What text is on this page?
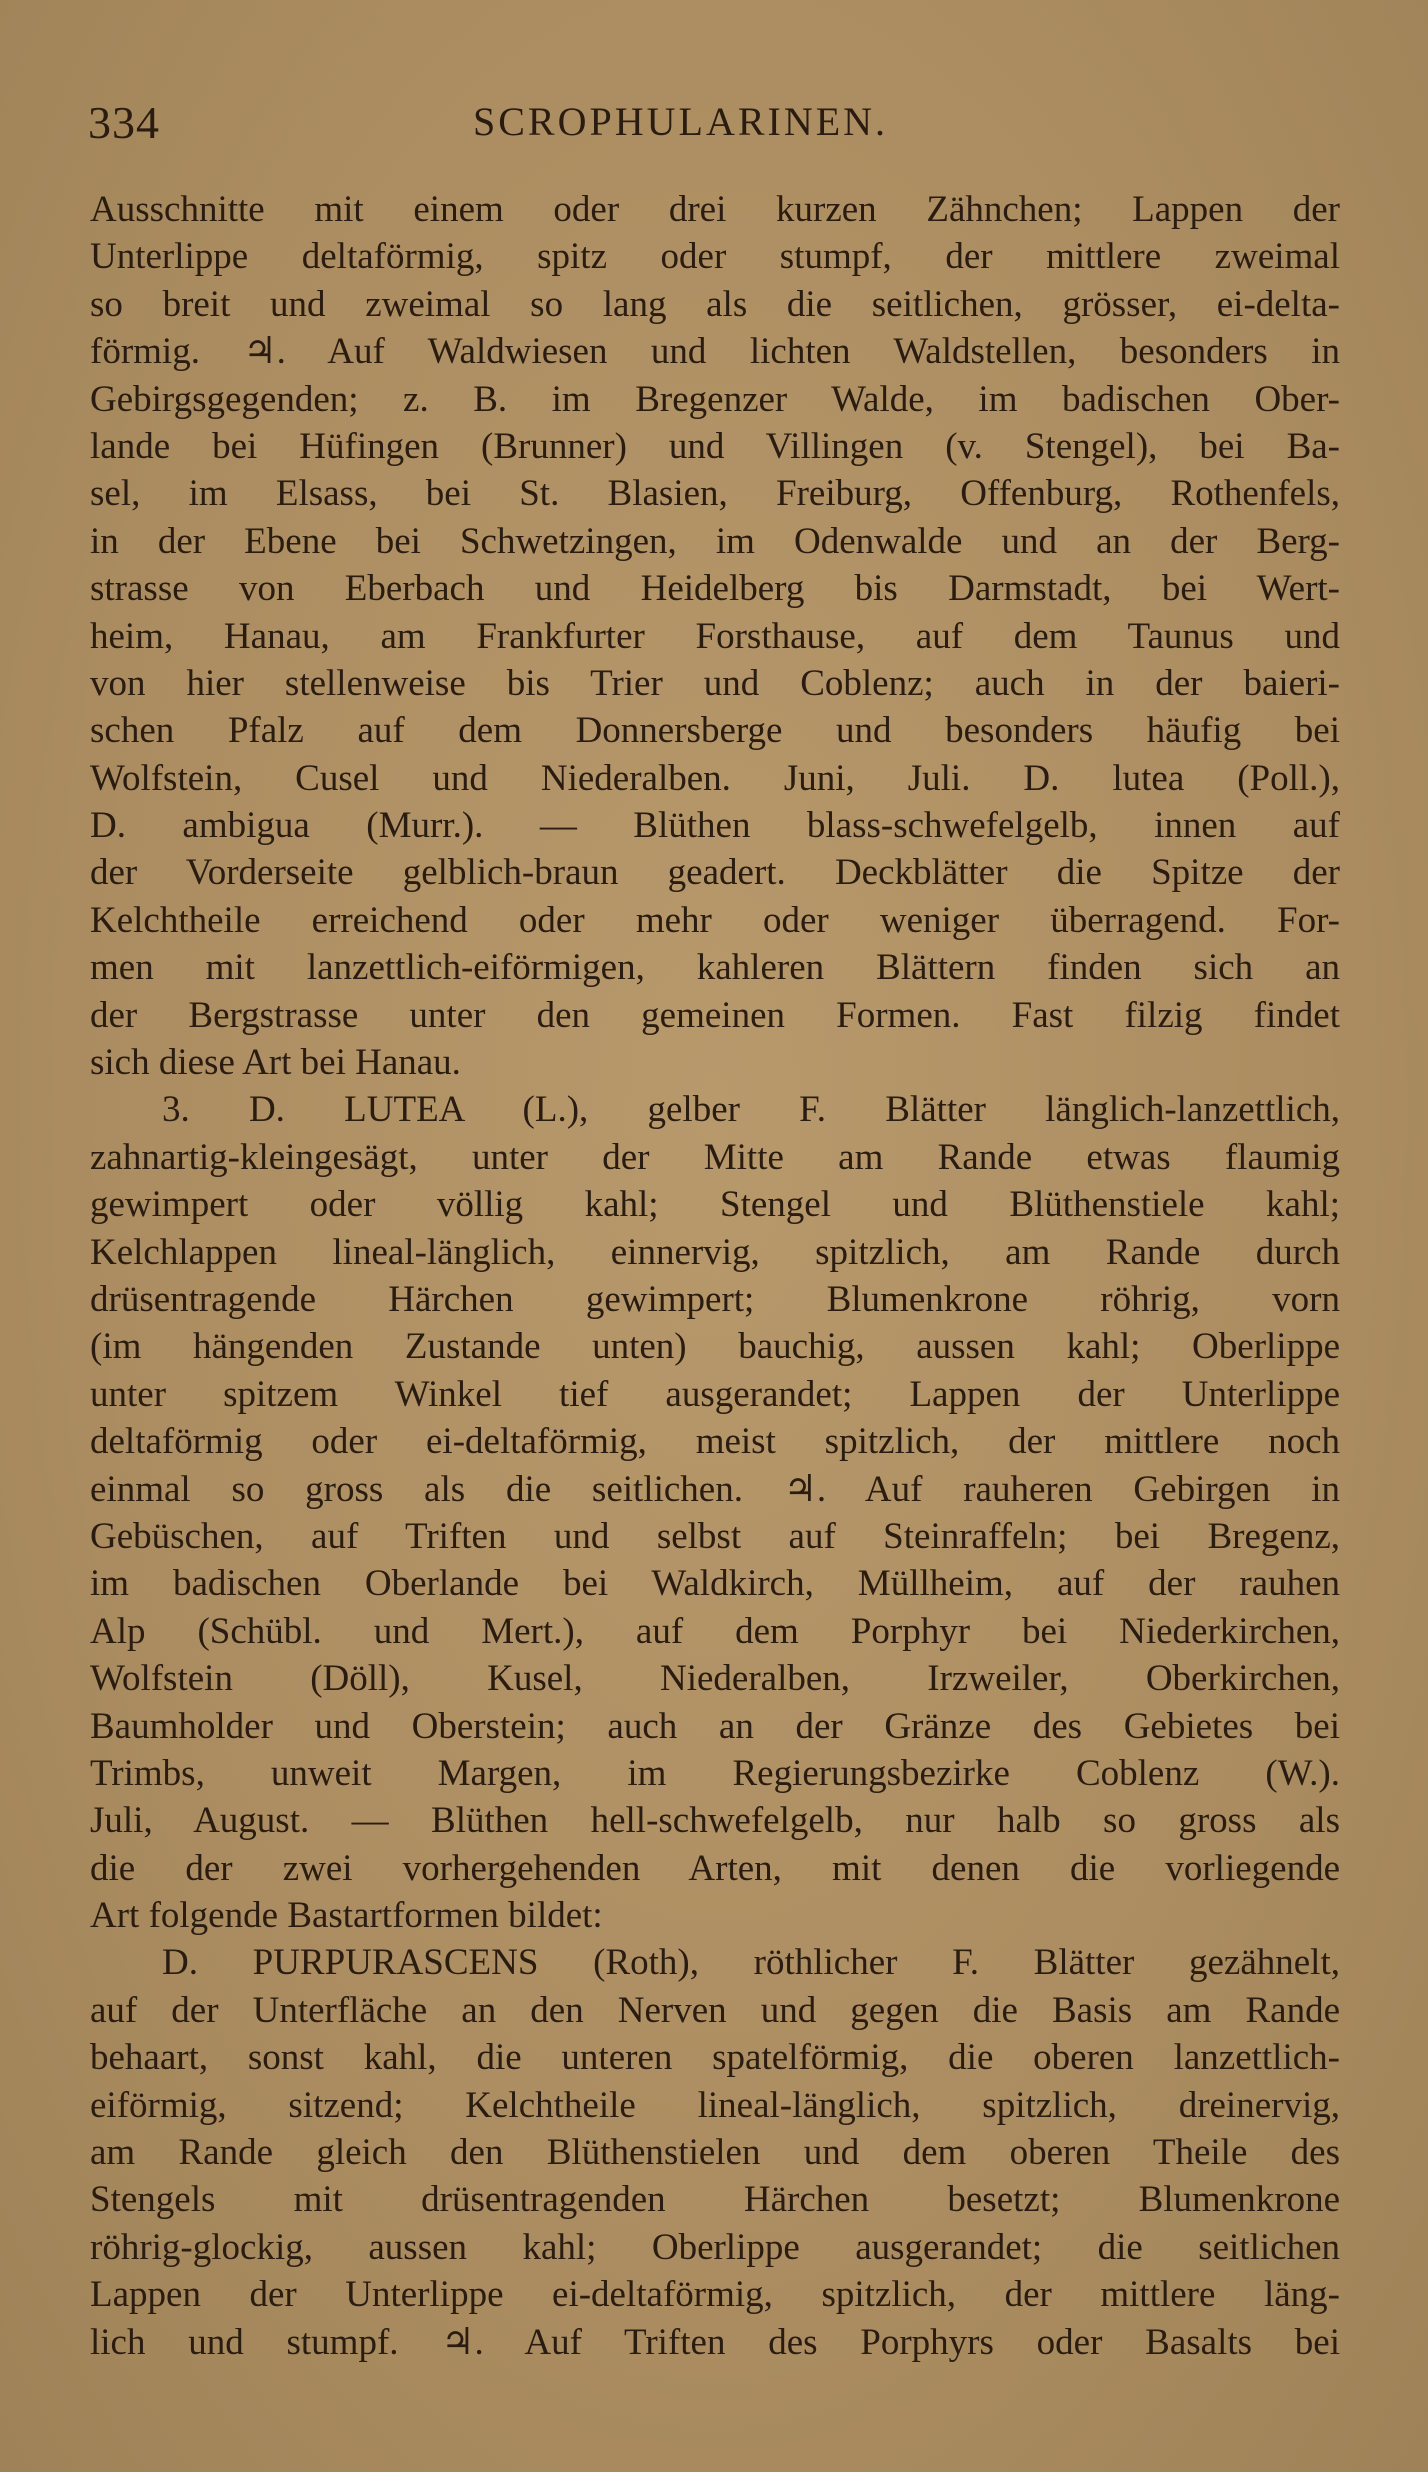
334	SCROPHULARINEN.
Ausschnitte mit einem oder drei kurzen Zähnchen; Lappen der
Unterlippe deltaförmig, spitz oder stumpf, der mittlere zweimal
so breit und zweimal so lang als die seitlichen, grösser, ei-delta-
förmig. ♃. Auf Waldwiesen und lichten Waldstellen, besonders in
Gebirgsgegenden; z. B. im Bregenzer Walde, im badischen Ober-
lande bei Hüfingen (Brunner) und Villingen (v. Stengel), bei Ba-
sel, im Elsass, bei St. Blasien, Freiburg, Offenburg, Rothenfels,
in der Ebene bei Schwetzingen, im Odenwalde und an der Berg-
strasse von Eberbach und Heidelberg bis Darmstadt, bei Wert-
heim, Hanau, am Frankfurter Forsthause, auf dem Taunus und
von hier stellenweise bis Trier und Coblenz; auch in der baieri-
schen Pfalz auf dem Donnersberge und besonders häufig bei
Wolfstein, Cusel und Niederalben. Juni, Juli. D. lutea (Poll.),
D. ambigua (Murr.). — Blüthen blass-schwefelgelb, innen auf
der Vorderseite gelblich-braun geadert. Deckblätter die Spitze der
Kelchtheile erreichend oder mehr oder weniger überragend. For-
men mit lanzettlich-eiförmigen, kahleren Blättern finden sich an
der Bergstrasse unter den gemeinen Formen. Fast filzig findet
sich diese Art bei Hanau.
3. D. LUTEA (L.), gelber F. Blätter länglich-lanzettlich,
zahnartig-kleingesägt, unter der Mitte am Rande etwas flaumig
gewimpert oder völlig kahl; Stengel und Blüthenstiele kahl;
Kelchlappen lineal-länglich, einnervig, spitzlich, am Rande durch
drüsentragende Härchen gewimpert; Blumenkrone röhrig, vorn
(im hängenden Zustande unten) bauchig, aussen kahl; Oberlippe
unter spitzem Winkel tief ausgerandet; Lappen der Unterlippe
deltaförmig oder ei-deltaförmig, meist spitzlich, der mittlere noch
einmal so gross als die seitlichen. ♃. Auf rauheren Gebirgen in
Gebüschen, auf Triften und selbst auf Steinraffeln; bei Bregenz,
im badischen Oberlande bei Waldkirch, Müllheim, auf der rauhen
Alp (Schübl. und Mert.), auf dem Porphyr bei Niederkirchen,
Wolfstein (Döll), Kusel, Niederalben, Irzweiler, Oberkirchen,
Baumholder und Oberstein; auch an der Gränze des Gebietes bei
Trimbs, unweit Margen, im Regierungsbezirke Coblenz (W.).
Juli, August. — Blüthen hell-schwefelgelb, nur halb so gross als
die der zwei vorhergehenden Arten, mit denen die vorliegende
Art folgende Bastartformen bildet:
D. PURPURASCENS (Roth), röthlicher F. Blätter gezähnelt,
auf der Unterfläche an den Nerven und gegen die Basis am Rande
behaart, sonst kahl, die unteren spatelförmig, die oberen lanzettlich-
eiförmig, sitzend; Kelchtheile lineal-länglich, spitzlich, dreinervig,
am Rande gleich den Blüthenstielen und dem oberen Theile des
Stengels mit drüsentragenden Härchen besetzt; Blumenkrone
röhrig-glockig, aussen kahl; Oberlippe ausgerandet; die seitlichen
Lappen der Unterlippe ei-deltaförmig, spitzlich, der mittlere läng-
lich und stumpf. ♃. Auf Triften des Porphyrs oder Basalts bei
